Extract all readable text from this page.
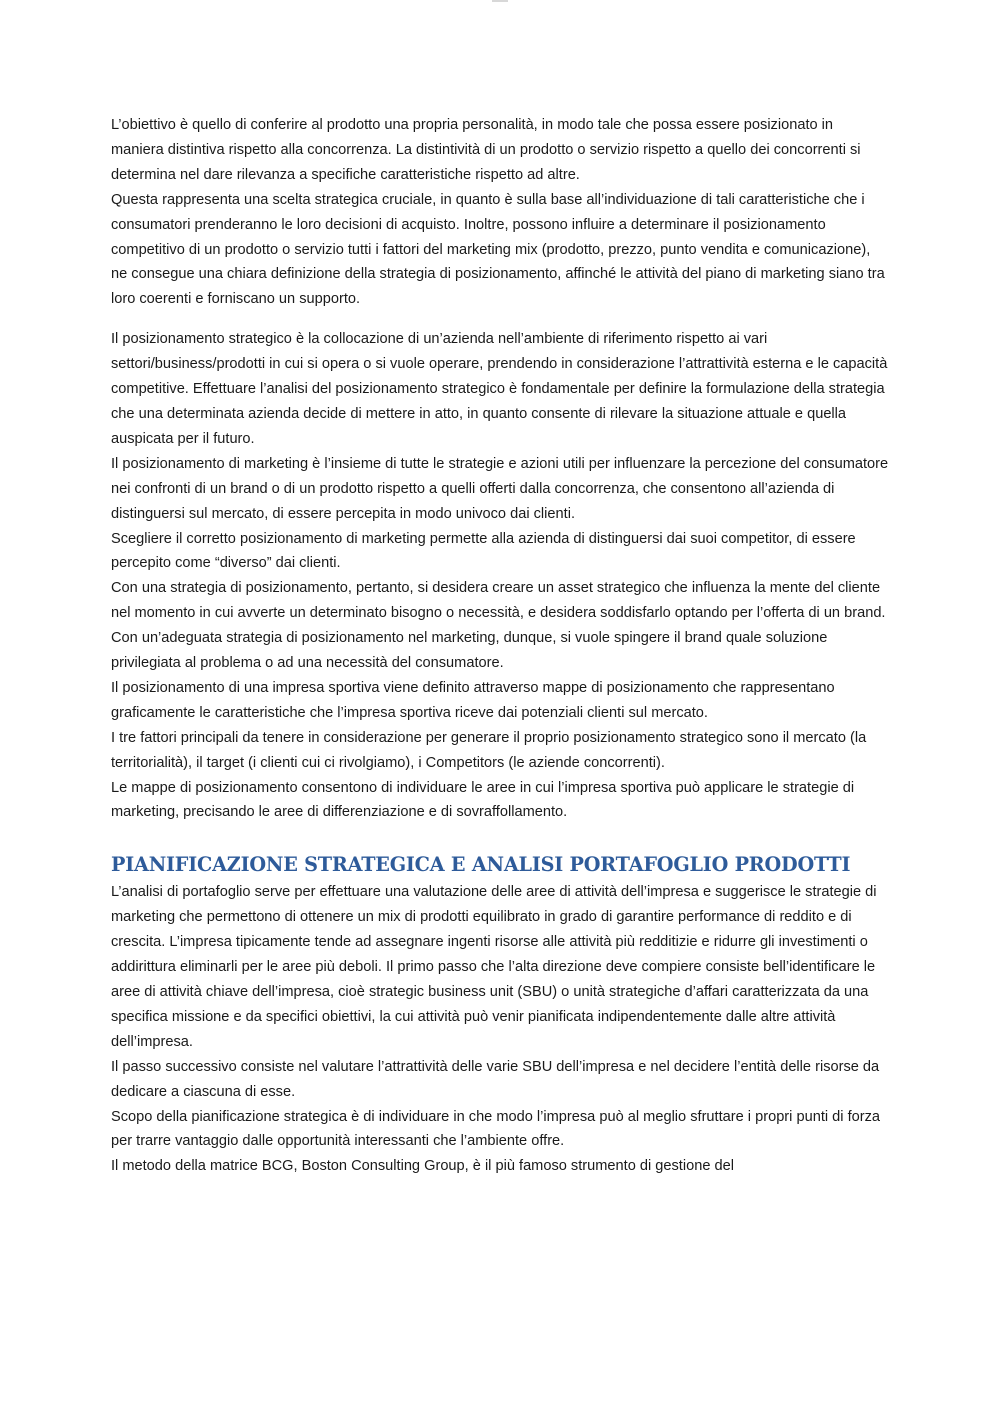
L’obiettivo è quello di conferire al prodotto una propria personalità, in modo tale che possa essere posizionato in maniera distintiva rispetto alla concorrenza. La distintività di un prodotto o servizio rispetto a quello dei concorrenti si determina nel dare rilevanza a specifiche caratteristiche rispetto ad altre.

Questa rappresenta una scelta strategica cruciale, in quanto è sulla base all’individuazione di tali caratteristiche che i consumatori prenderanno le loro decisioni di acquisto. Inoltre, possono influire a determinare il posizionamento competitivo di un prodotto o servizio tutti i fattori del marketing mix (prodotto, prezzo, punto vendita e comunicazione), ne consegue una chiara definizione della strategia di posizionamento, affinché le attività del piano di marketing siano tra loro coerenti e forniscano un supporto.

Il posizionamento strategico è la collocazione di un’azienda nell’ambiente di riferimento rispetto ai vari settori/business/prodotti in cui si opera o si vuole operare, prendendo in considerazione l’attrattività esterna e le capacità competitive. Effettuare l’analisi del posizionamento strategico è fondamentale per definire la formulazione della strategia che una determinata azienda decide di mettere in atto, in quanto consente di rilevare la situazione attuale e quella auspicata per il futuro.

Il posizionamento di marketing è l’insieme di tutte le strategie e azioni utili per influenzare la percezione del consumatore nei confronti di un brand o di un prodotto rispetto a quelli offerti dalla concorrenza, che consentono all’azienda di distinguersi sul mercato, di essere percepita in modo univoco dai clienti.

Scegliere il corretto posizionamento di marketing permette alla azienda di distinguersi dai suoi competitor, di essere percepito come “diverso” dai clienti.

Con una strategia di posizionamento, pertanto, si desidera creare un asset strategico che influenza la mente del cliente nel momento in cui avverte un determinato bisogno o necessità, e desidera soddisfarlo optando per l’offerta di un brand. Con un’adeguata strategia di posizionamento nel marketing, dunque, si vuole spingere il brand quale soluzione privilegiata al problema o ad una necessità del consumatore.

Il posizionamento di una impresa sportiva viene definito attraverso mappe di posizionamento che rappresentano graficamente le caratteristiche che l’impresa sportiva riceve dai potenziali clienti sul mercato.

I tre fattori principali da tenere in considerazione per generare il proprio posizionamento strategico sono il mercato (la territorialità), il target (i clienti cui ci rivolgiamo), i Competitors (le aziende concorrenti).

Le mappe di posizionamento consentono di individuare le aree in cui l’impresa sportiva può applicare le strategie di marketing, precisando le aree di differenziazione e di sovraffollamento.

PIANIFICAZIONE STRATEGICA E ANALISI PORTAFOGLIO PRODOTTI

L’analisi di portafoglio serve per effettuare una valutazione delle aree di attività dell’impresa e suggerisce le strategie di marketing che permettono di ottenere un mix di prodotti equilibrato in grado di garantire performance di reddito e di crescita. L’impresa tipicamente tende ad assegnare ingenti risorse alle attività più redditizie e ridurre gli investimenti o addirittura eliminarli per le aree più deboli. Il primo passo che l’alta direzione deve compiere consiste bell’identificare le aree di attività chiave dell’impresa, cioè strategic business unit (SBU) o unità strategiche d’affari caratterizzata da una specifica missione e da specifici obiettivi, la cui attività può venir pianificata indipendentemente dalle altre attività dell’impresa.

Il passo successivo consiste nel valutare l’attrattività delle varie SBU dell’impresa e nel decidere l’entità delle risorse da dedicare a ciascuna di esse.

Scopo della pianificazione strategica è di individuare in che modo l’impresa può al meglio sfruttare i propri punti di forza per trarre vantaggio dalle opportunità interessanti che l’ambiente offre.

Il metodo della matrice BCG, Boston Consulting Group, è il più famoso strumento di gestione del
